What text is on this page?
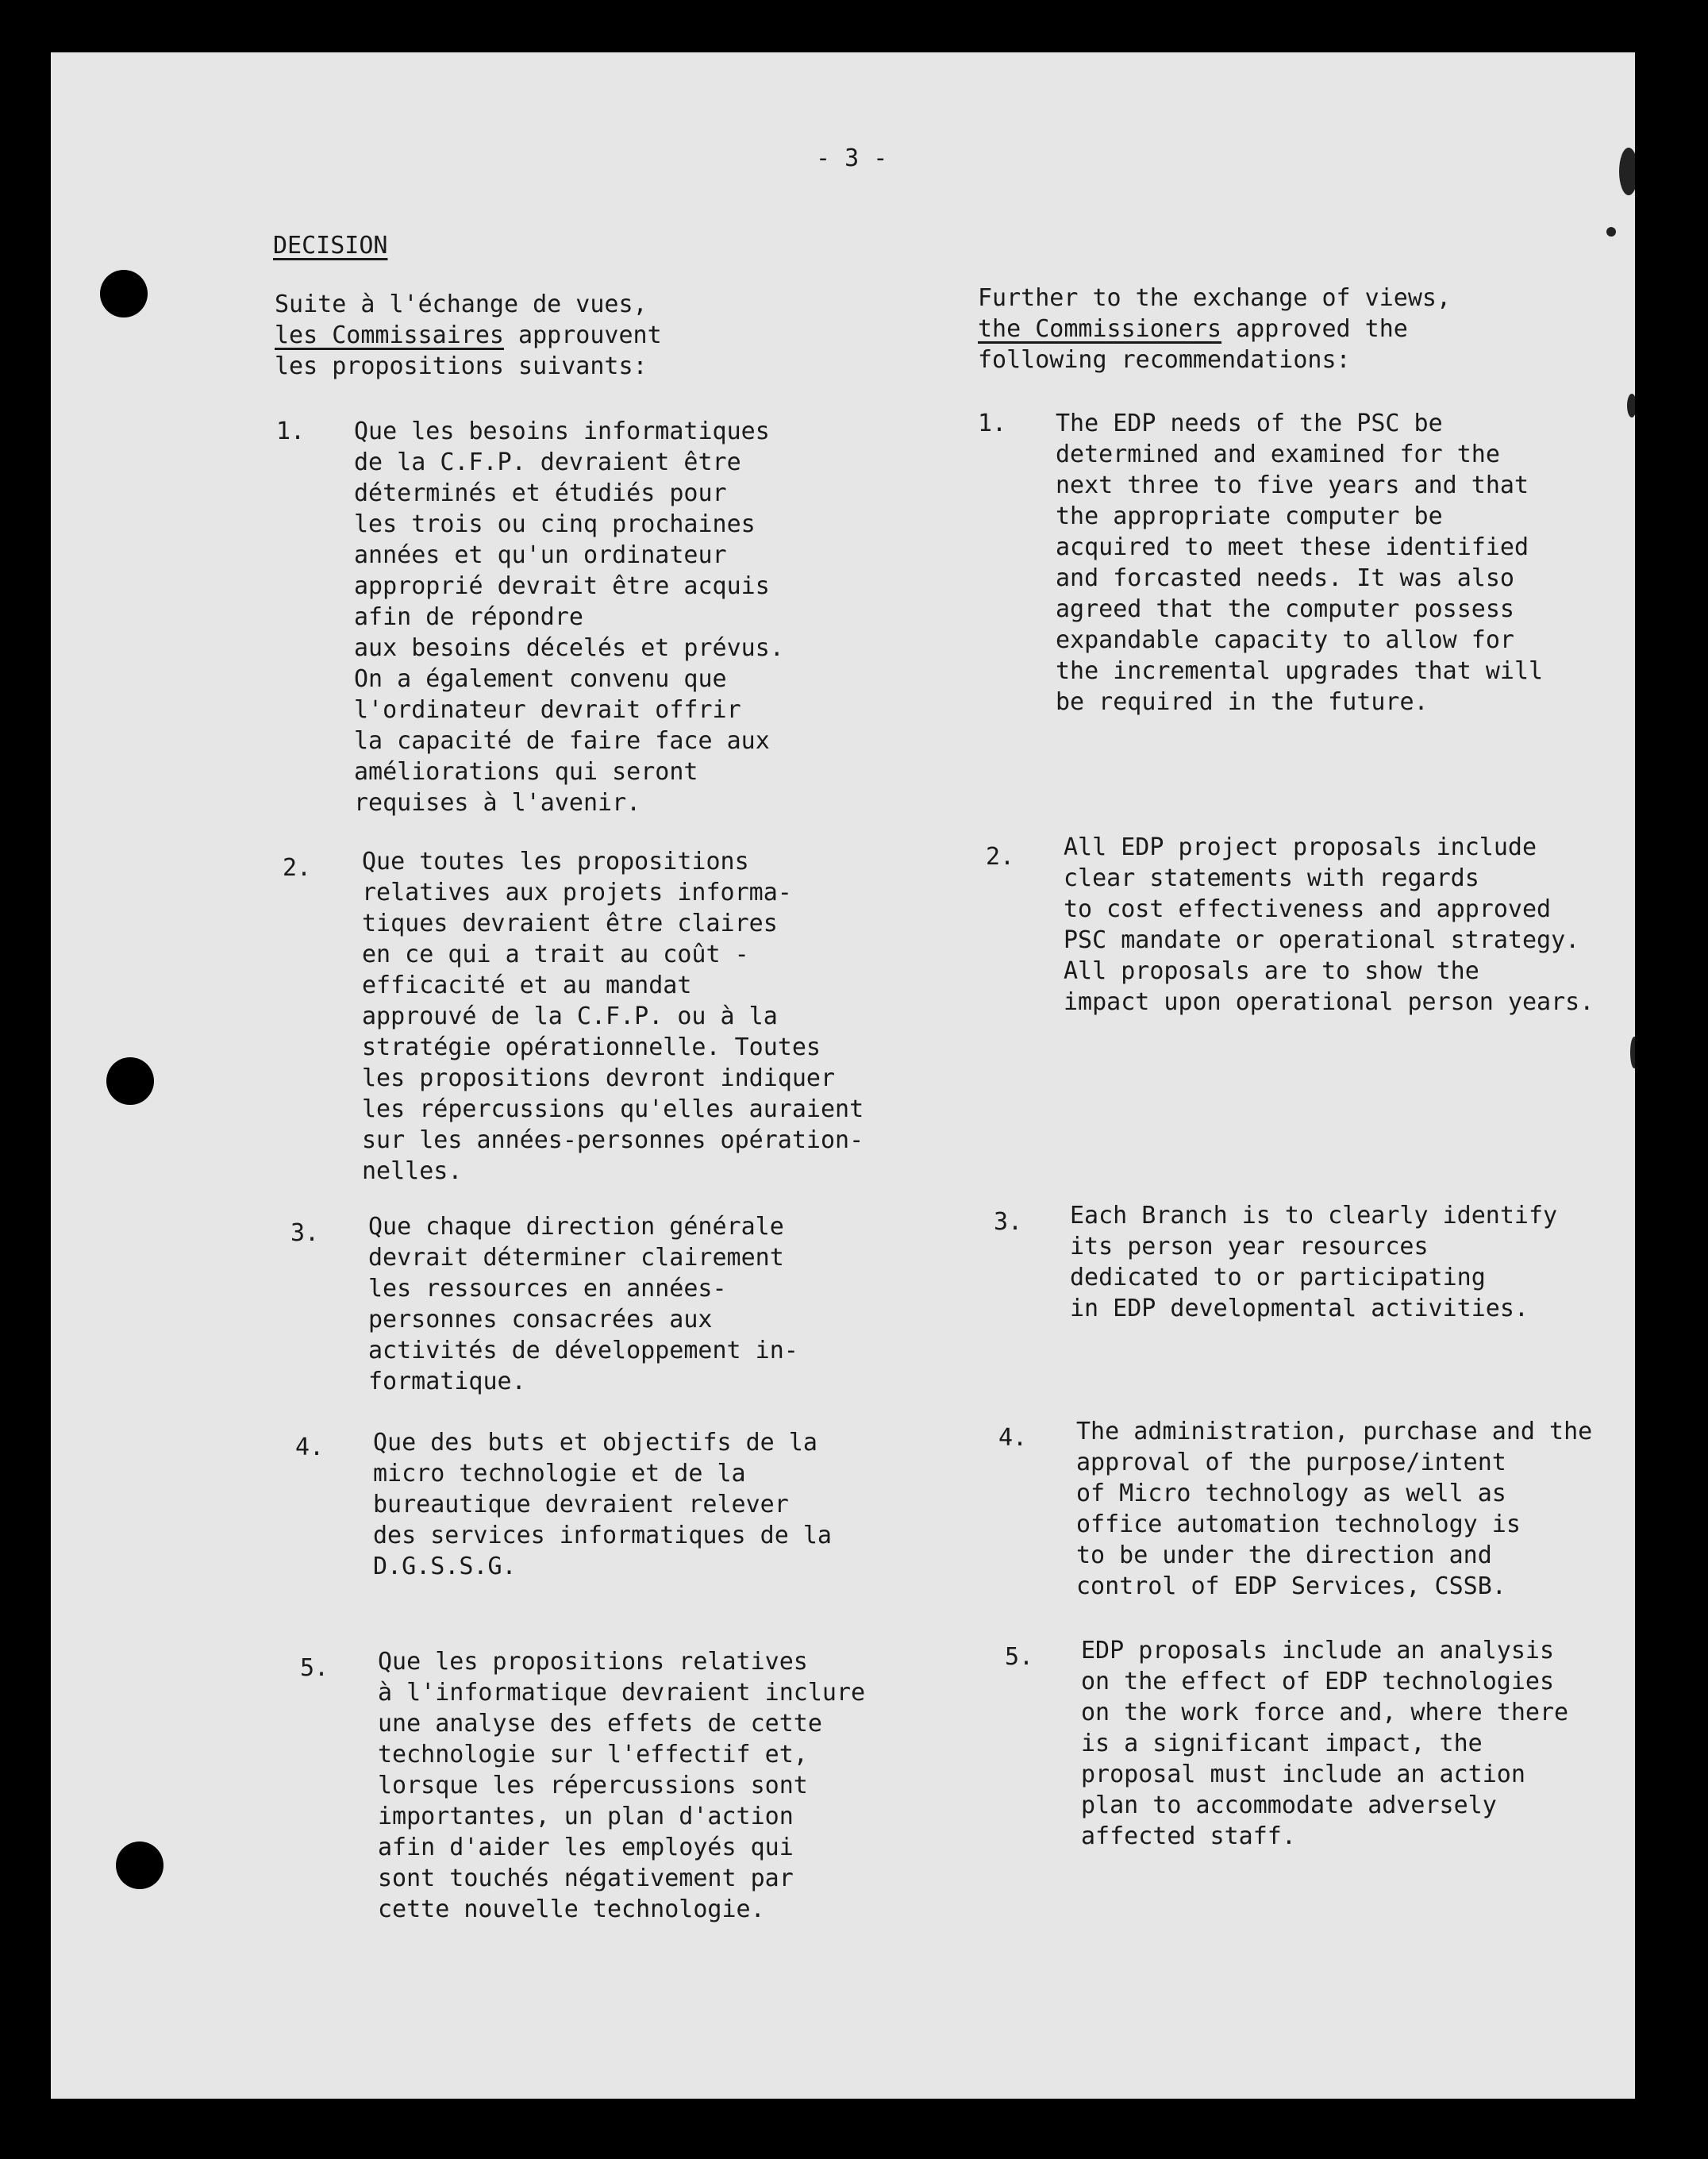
- 3 -
DECISION
Suite à l'échange de vues,
les Commissaires approuvent
les propositions suivants:
Further to the exchange of views,
the Commissioners approved the
following recommendations:
1. Que les besoins informatiques
de la C.F.P. devraient être
déterminés et étudiés pour
les trois ou cinq prochaines
années et qu'un ordinateur
approprié devrait être acquis
afin de répondre
aux besoins décelés et prévus.
On a également convenu que
l'ordinateur devrait offrir
la capacité de faire face aux
améliorations qui seront
requises à l'avenir.
1. The EDP needs of the PSC be
determined and examined for the
next three to five years and that
the appropriate computer be
acquired to meet these identified
and forcasted needs. It was also
agreed that the computer possess
expandable capacity to allow for
the incremental upgrades that will
be required in the future.
2. Que toutes les propositions
relatives aux projets informa-
tiques devraient être claires
en ce qui a trait au coût -
efficacité et au mandat
approuvé de la C.F.P. ou à la
stratégie opérationnelle. Toutes
les propositions devront indiquer
les répercussions qu'elles auraient
sur les années-personnes opération-
nelles.
2. All EDP project proposals include
clear statements with regards
to cost effectiveness and approved
PSC mandate or operational strategy.
All proposals are to show the
impact upon operational person years.
3. Que chaque direction générale
devrait déterminer clairement
les ressources en années-
personnes consacrées aux
activités de développement in-
formatique.
3. Each Branch is to clearly identify
its person year resources
dedicated to or participating
in EDP developmental activities.
4. Que des buts et objectifs de la
micro technologie et de la
bureautique devraient relever
des services informatiques de la
D.G.S.S.G.
4. The administration, purchase and the
approval of the purpose/intent
of Micro technology as well as
office automation technology is
to be under the direction and
control of EDP Services, CSSB.
5. Que les propositions relatives
à l'informatique devraient inclure
une analyse des effets de cette
technologie sur l'effectif et,
lorsque les répercussions sont
importantes, un plan d'action
afin d'aider les employés qui
sont touchés négativement par
cette nouvelle technologie.
5. EDP proposals include an analysis
on the effect of EDP technologies
on the work force and, where there
is a significant impact, the
proposal must include an action
plan to accommodate adversely
affected staff.
